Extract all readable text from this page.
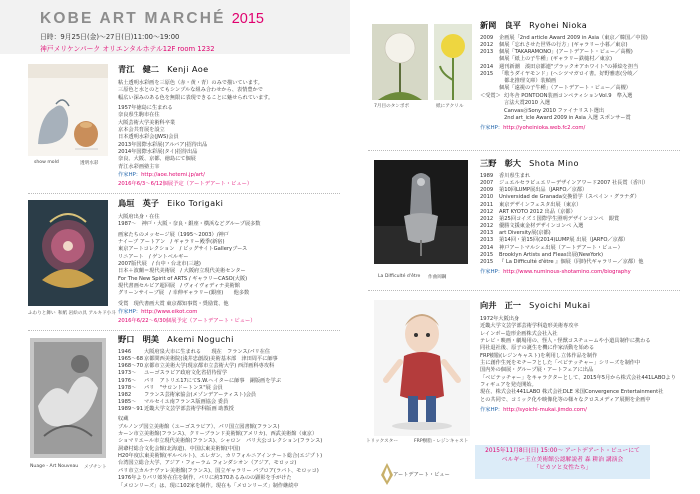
KOBE ART MARCHÉ 2015
日時：9月25日(金)〜27日(日)11:00〜19:00
神戸メリケンパーク オリエンタルホテル12F room 1232
show mold	透明水彩
青江　健二　 Kenji Aoe
粘土透明水彩画を三原色（赤・黄・青）のみで描いています。
三原色と水とのとてもシンプルな組み合わせから、表情豊かで
幅広い深みのある色を無限に表現できることに魅せられています。
1957年徳島に生まれる
奈良県生駒市在住
大阪芸術大学美術科卒業
京本会共育展を設立
日本透明水彩会(JWS)会員
2013年国際水彩展(アルバア)招待出品
2014年国際水彩展(タイ)招待出品
奈良、大阪、京都、徳島にて個展
青江水彩画塾主宰
作家HP：http://aoe.hetemi.jp/art/
2016年6/3〜6/12個展予定（アートデアート・ビュー）
ふわりと舞い 和紙 岩絵の具 アルキド小斗
鳥垣　英子　 Eiko Torigaki
大阪府出身・在住
1987〜　神戸・大阪・奈良・銀座・横浜などグループ展多数
画家たちのメッセージ展（1995〜2003）/神戸
ナイーブ アートアン　/ ギャラリー殿季(新宿)
東京アートコレクション　/ ビッグサイトGalleryブース
リニアート　/ ゲントベルギー
2007版代展　/ 台中・台北市(三越)
日本＋波蘭＝現代美術展　/ 大阪府立現代美術センター
For The New Spirit of ARTS / ギャラリーCASO(大阪)
現代書画セルビア超回展　/ ヴォイヴォディナ美術館
グリーンサイーブ展　/ 幸伸ギャラリー(銀座)　　他多数
受賞　現代書画大賞 東京都知事賞・奨励賞、他
作家HP：http://www.eikot.com
2016年6/22〜6/30個展予定（アートデアート・ビュー）
Nuage - Art Nouveau メゾチント
野口　明美　 Akemi Noguchi
1946	大阪府泉大市に生まれる　　現在　フランス/パリ在住
1965〜68 京都問西美術院(浅井忠創設)美術基本部　津田周平に師事
1968〜70 京都市立美術大学(現京都市立芸術大学) 西洋画科専攻科
1973〜	ユーゴスラビア政府文化省招待留学
1976〜	パリ　アトリエ17にてS.W.ヘイターに師事　銅版画を学ぶ
1978〜	パリ　"サロンドートンヌ"展 会員
1982	フランス芸術家協会(メゾンデアーティスト)会員
1985〜	マルセイユ南フランス版画協会 委員
1989〜91 近畿大学文芸学部芸術学科版画 助教授
収蔵
ブルノンプ国立美術館（ユーゴスラビア）、パリ国立図書館(フランス)
カーン市立美術館(フランス)、クリーブランド美術館(アメリカ)、西武美術館（東京）
ショマリエール市立現代美術館(フランス)、シャロン　パリ大公コレクション(フランス)
洞爺村総合文化会館(北海道)、中国広東美術館(中国)
H20年度広東美術館(ギルベルト)、エレガン、カリフォルニアインナート総合(エジプト)
台湾国立総合大学、アジア・フォーラム フォンダシオン（アジア、モロッコ)
パリ市立カルナヴァレ美術館(フランス)、国立ギャラリー パブロア(ラバト、モロッコ)
1976年よりパリ郊外在住を制作、パリに約370あるみのの顕彰を手がけた
「メロンリーズ」は、現に102家を制作。現在も「メロンリーズ」制作継続中
7月目のタンポポ	紙にアクリル
新岡　良平　 Ryohei Nioka
2009	企画展「2nd article Award 2009 in Asia（東京／韓国／中国)
2012	個展「忘れさせた世界の行方」(ギャラリー小暮／東京)
2013	個展「TAKARAMONO」(アートデアート・ビュー／高槻)
個展「紙上の子牛種」(ギャラリー鉄槌村／東京)
2014	週刊新潮　湊田京都連"ブラックオアホワイト"の挿絵を担当
2015	「歌うダイヤモンド」(ヘシツマガロイ書。好野雅恵(分岐／
　都北推理文庫）装幀画
個展「遠視の子牛種」（アートデアート・ビュー／高槻）
＜受賞＞ 幻冬舎 PONTOON装画コンペティションVol.9　準入選
言法大賞2010 入選
Canvas＠Sony 2010 ファイナリスト選出
2nd art_icle Award 2009 in Asia 入選 スポンサー賞
作家HP：http://yoheinioka.web.fc2.com/
La Difficulté d'être 作曲岡鋼
三野　彰大　 Shota Mino
1989	香川県生まれ
2007	ジュエルセラピュエリーデザインアワード2007 社長賞（香川）
2009	第10回LUMP展出品（JARFO／京都）
2010	Universidad de Granada交換留学（スペイン・グラナダ）
2011	東京デザインフェスタ出展（東京）
2012	ART KYOTO 2012 出品（京都）
2012	第25回コイズミ国際学生照明デザインコンペ　銀賞
2012	優勝文援東金材デザインコンペ 入選
2013	art Diversity展(京都)
2013	第14回・第15回(2014)LUMP展 出展（JARFO／京都）
2014	神戸アートマルシェ出展（アートデアート・ビュー）
2015	Brooklyn Artists and Fleas出展(NewYork)
2015	『 La Difficulté d'être 』個展（同時代ギャラリー／京都）他
作家HP：http://www.numinous-shotamino.com/biography
トリックスター	FRP樹脂・レジンキャスト
向井　正一　 Syoichi Mukai
1972年大阪出身
近畿大学文芸学部芸術学科造形美術専攻卒
レインボー造形企画株式会社入社
テレビ・映画・劇場用の、怪人・怪獣コスチュームや小道具制作に携わる
同社退社後、原子の誕生を機に作家活動を始める
FRP樹脂(レジンキャスト)を利用し立体作品を制作
主に創作生死をモチーフとした「ベビテッチャー」シリーズを制作中
国内外の個展・グループ展・アートフェアに出品
「ベビテッチャー」をキャラクターとして、2015年5月から株式会社441LABOより
フィギュアを発売開始。
現在、株式会社441LABO 株式会社DLE 米国Convergence Entertainment社
との共同で、コミック化や映像化等の様々なクロスメディア展開を企画中
作家HP：http://syoichi-mukai.jimdo.com/
2015年11月8日(日) 15:00〜 アートデアート・ビューにて
ベルギー王立美術館公認解説者 森 耕治 講演会
「ピカソと女性たち」
アートデアート・ビュー
